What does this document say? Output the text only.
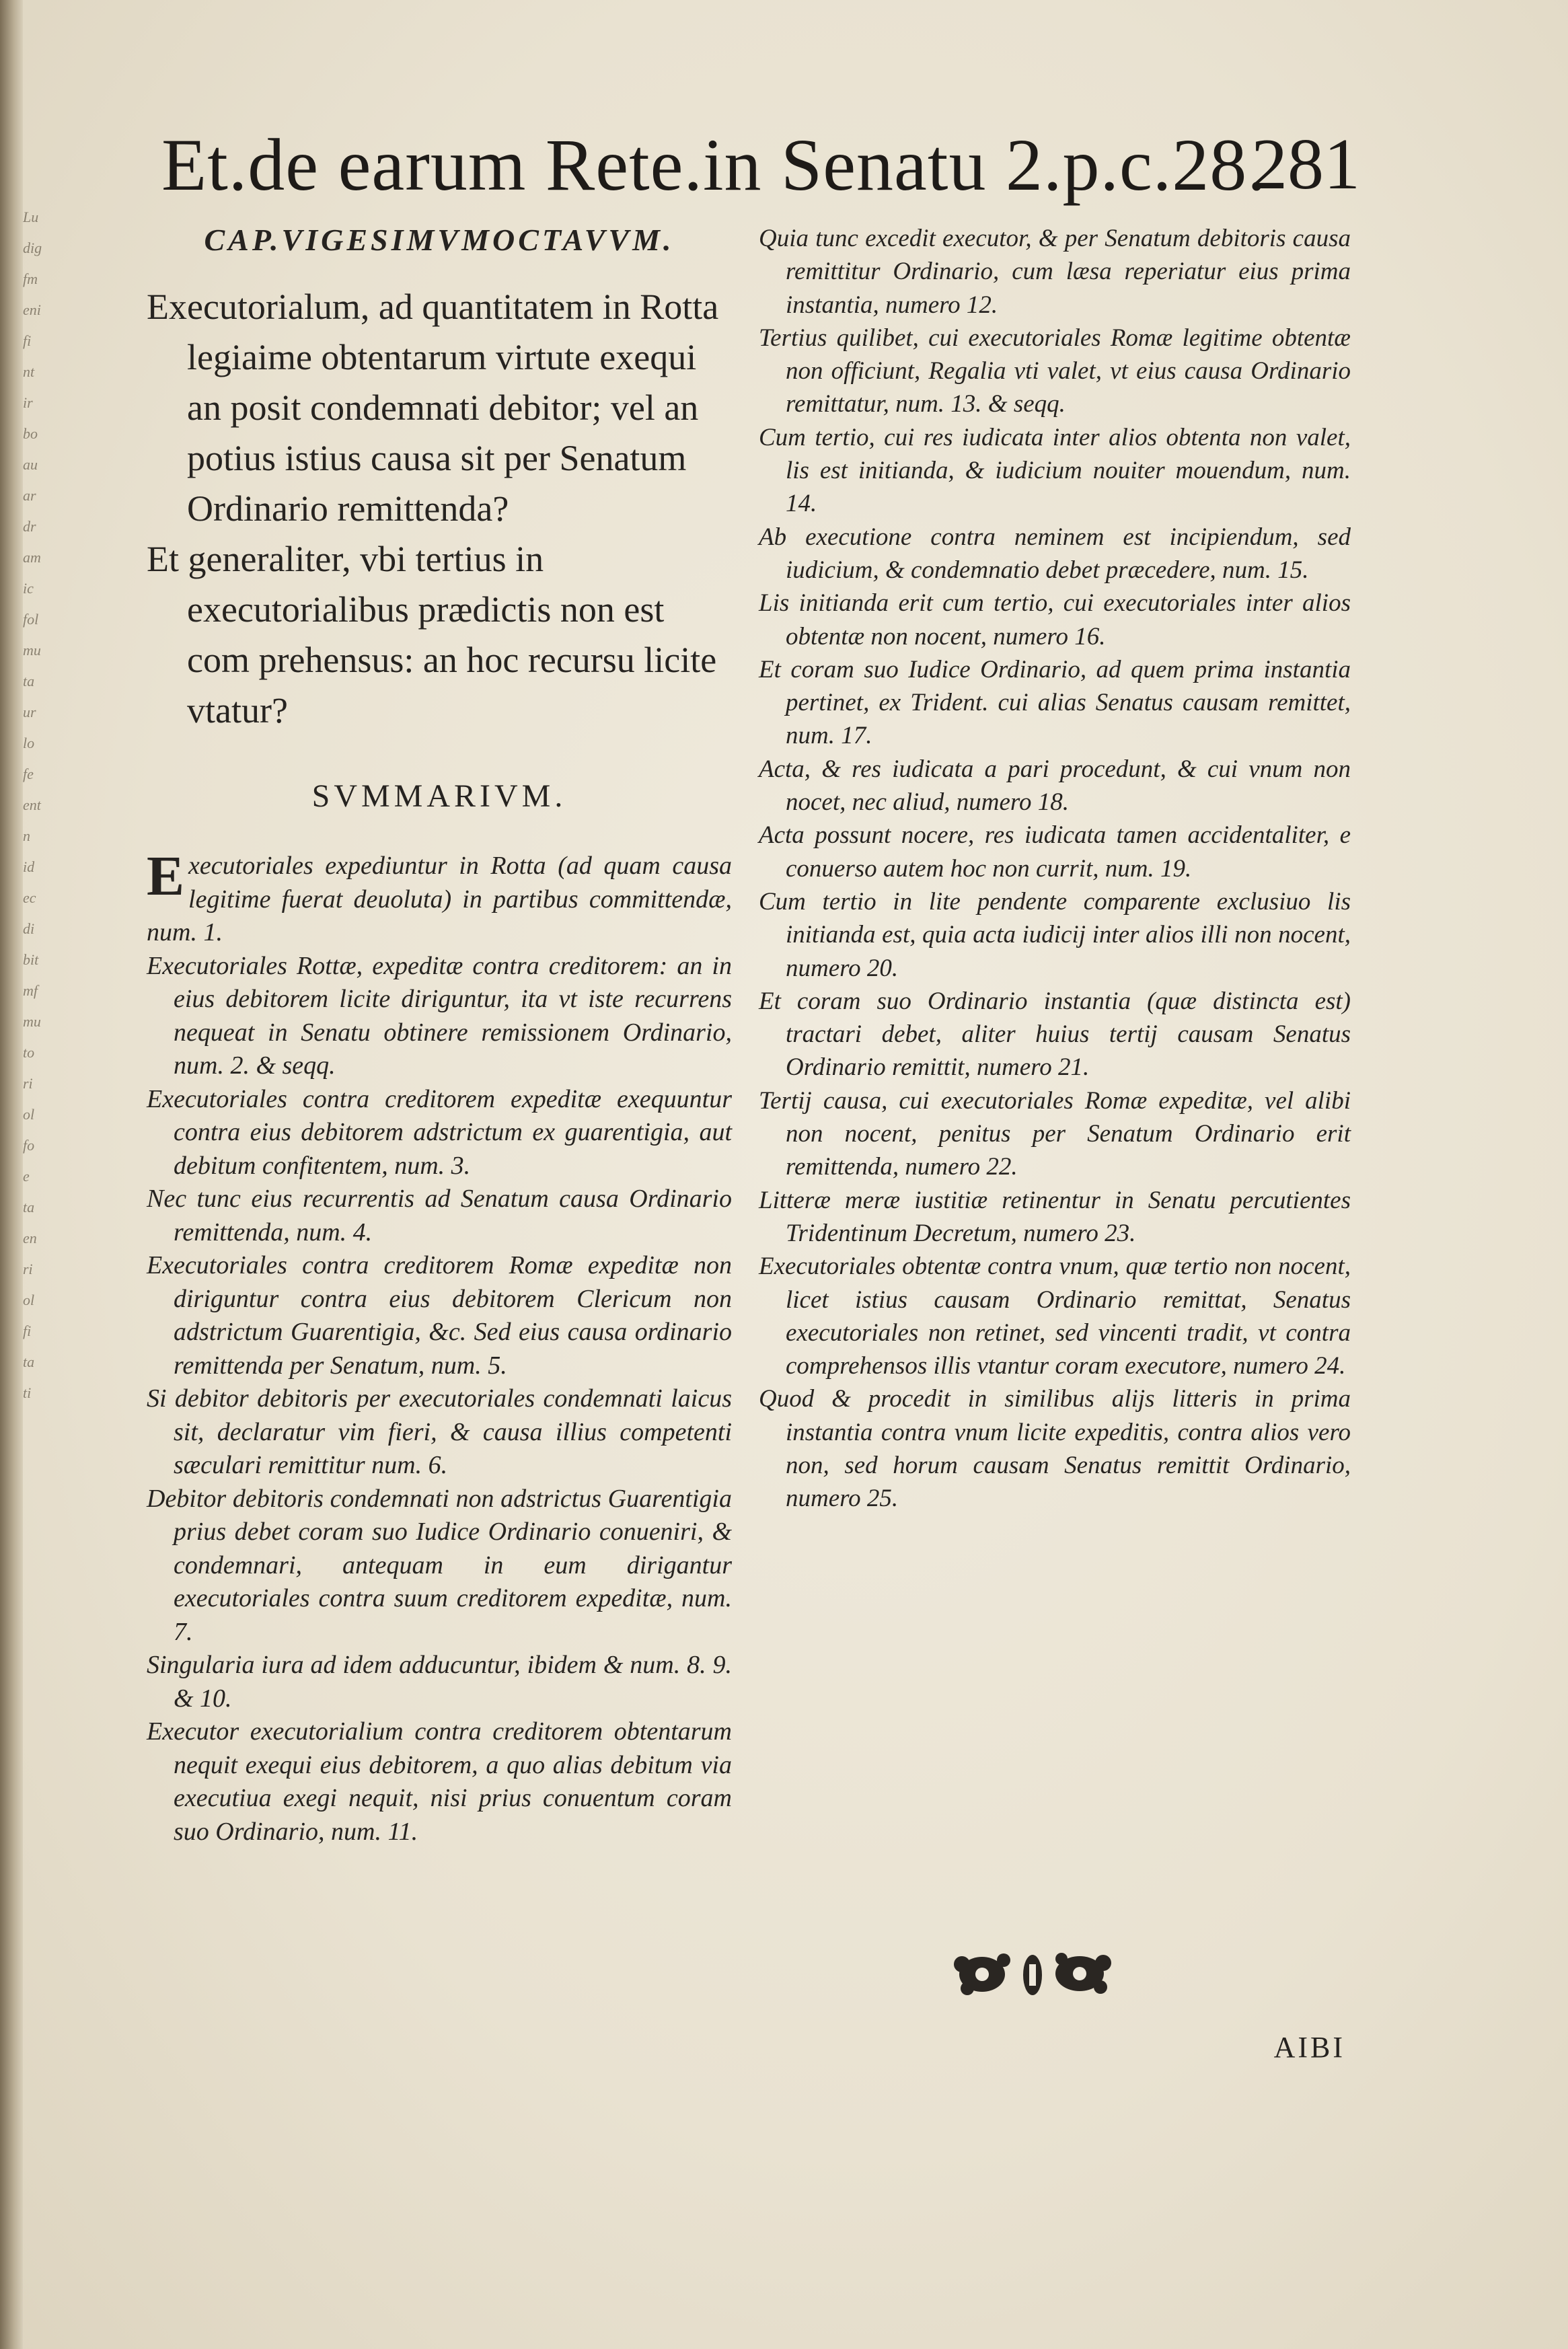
Lu
dig
fm
eni
fi
nt
ir
bo
au
ar
dr
am
ic
fol
mu
ta
ur
lo
fe
ent
n
id
ec
di
bit
mf
mu
to
ri
ol
fo
e
ta
en
ri
ol
fi
ta
ti
Et.de earum Rete.in Senatu 2.p.c.28.
281
CAP.VIGESIMVMOCTAVVM.

Executorialum, ad quantitatem in Rotta legiaime obtentarum virtute exequi an posit condemnati debitor; vel an potius istius causa sit per Senatum Ordinario remittenda?

Et generaliter, vbi tertius in executorialibus prædictis non est com prehensus: an hoc recursu licite vtatur?

SVMMARIVM.
Executoriales expediuntur in Rotta (ad quam causa legitime fuerat deuoluta) in partibus committendæ, num. 1.
Executoriales Rottæ, expeditæ contra creditorem: an in eius debitorem licite diriguntur, ita vt iste recurrens nequeat in Senatu obtinere remissionem Ordinario, num. 2. & seqq.
Executoriales contra creditorem expeditæ exequuntur contra eius debitorem adstrictum ex guarentigia, aut debitum confitentem, num. 3.
Nec tunc eius recurrentis ad Senatum causa Ordinario remittenda, num. 4.
Executoriales contra creditorem Romæ expeditæ non diriguntur contra eius debitorem Clericum non adstrictum Guarentigia, &c. Sed eius causa ordinario remittenda per Senatum, num. 5.
Si debitor debitoris per executoriales condemnati laicus sit, declaratur vim fieri, & causa illius competenti sæculari remittitur num. 6.
Debitor debitoris condemnati non adstrictus Guarentigia prius debet coram suo Iudice Ordinario conueniri, & condemnari, antequam in eum dirigantur executoriales contra suum creditorem expeditæ, num. 7.
Singularia iura ad idem adducuntur, ibidem & num. 8. 9. & 10.
Executor executorialium contra creditorem obtentarum nequit exequi eius debitorem, a quo alias debitum via executiua exegi nequit, nisi prius conuentum coram suo Ordinario, num. 11.
Quia tunc excedit executor, & per Senatum debitoris causa remittitur Ordinario, cum læsa reperiatur eius prima instantia, numero 12.
Tertius quilibet, cui executoriales Romæ legitime obtentæ non officiunt, Regalia vti valet, vt eius causa Ordinario remittatur, num. 13. & seqq.
Cum tertio, cui res iudicata inter alios obtenta non valet, lis est initianda, & iudicium nouiter mouendum, num. 14.
Ab executione contra neminem est incipiendum, sed iudicium, & condemnatio debet præcedere, num. 15.
Lis initianda erit cum tertio, cui executoriales inter alios obtentæ non nocent, numero 16.
Et coram suo Iudice Ordinario, ad quem prima instantia pertinet, ex Trident. cui alias Senatus causam remittet, num. 17.
Acta, & res iudicata a pari procedunt, & cui vnum non nocet, nec aliud, numero 18.
Acta possunt nocere, res iudicata tamen accidentaliter, e conuerso autem hoc non currit, num. 19.
Cum tertio in lite pendente comparente exclusiuo lis initianda est, quia acta iudicij inter alios illi non nocent, numero 20.
Et coram suo Ordinario instantia (quæ distincta est) tractari debet, aliter huius tertij causam Senatus Ordinario remittit, numero 21.
Tertij causa, cui executoriales Romæ expeditæ, vel alibi non nocent, penitus per Senatum Ordinario erit remittenda, numero 22.
Litteræ meræ iustitiæ retinentur in Senatu percutientes Tridentinum Decretum, numero 23.
Executoriales obtentæ contra vnum, quæ tertio non nocent, licet istius causam Ordinario remittat, Senatus executoriales non retinet, sed vincenti tradit, vt contra comprehensos illis vtantur coram executore, numero 24.
Quod & procedit in similibus alijs litteris in prima instantia contra vnum licite expeditis, contra alios vero non, sed horum causam Senatus remittit Ordinario, numero 25.
AIBI
